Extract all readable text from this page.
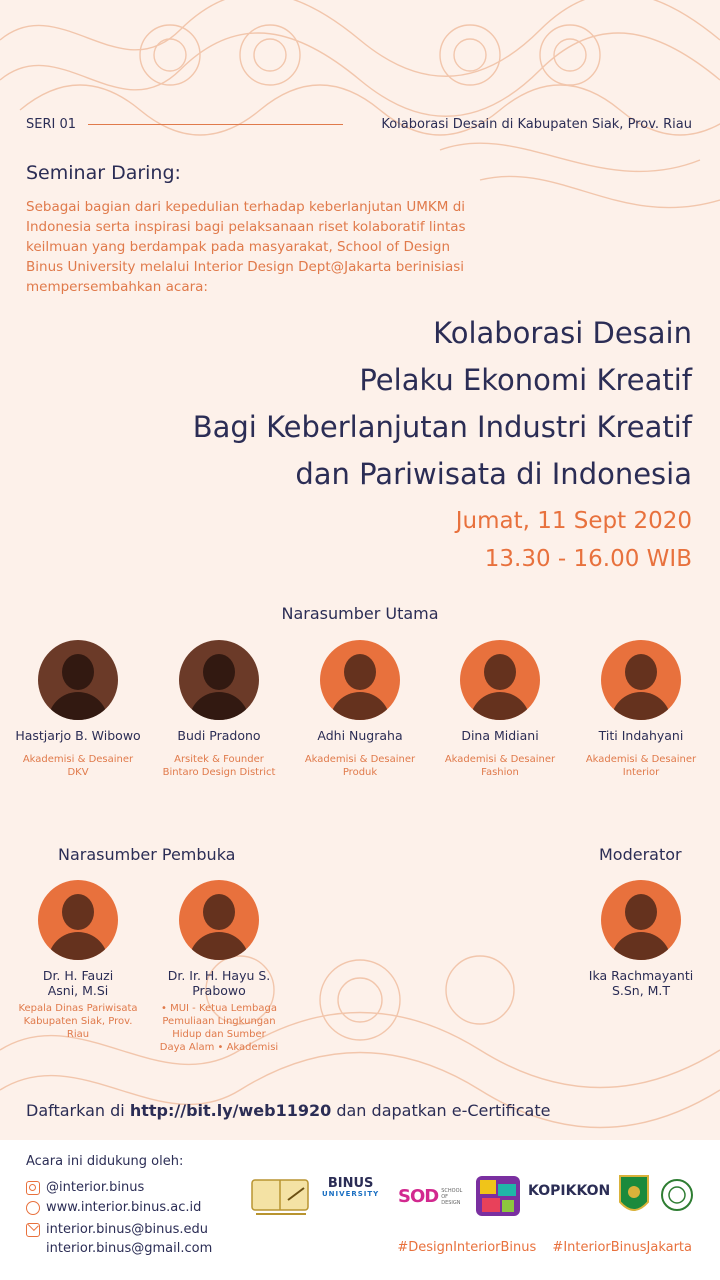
SERI 01	Kolaborasi Desain di Kabupaten Siak, Prov. Riau
Seminar Daring:
Sebagai bagian dari kepedulian terhadap keberlanjutan UMKM di Indonesia serta inspirasi bagi pelaksanaan riset kolaboratif lintas keilmuan yang berdampak pada masyarakat, School of Design Binus University melalui Interior Design Dept@Jakarta berinisiasi mempersembahkan acara:
Kolaborasi Desain
Pelaku Ekonomi Kreatif
Bagi Keberlanjutan Industri Kreatif
dan Pariwisata di Indonesia
Jumat, 11 Sept 2020
13.30 - 16.00 WIB
Narasumber Utama
Hastjarjo B. Wibowo
Akademisi & Desainer DKV
Budi Pradono
Arsitek & Founder Bintaro Design District
Adhi Nugraha
Akademisi & Desainer Produk
Dina Midiani
Akademisi & Desainer Fashion
Titi Indahyani
Akademisi & Desainer Interior
Narasumber Pembuka	Moderator
Dr. H. Fauzi Asni, M.Si
Kepala Dinas Pariwisata Kabupaten Siak, Prov. Riau
Dr. Ir. H. Hayu S. Prabowo
• MUI - Ketua Lembaga Pemuliaan Lingkungan Hidup dan Sumber Daya Alam • Akademisi
Ika Rachmayanti S.Sn, M.T
Daftarkan di http://bit.ly/web11920 dan dapatkan e-Certificate
Acara ini didukung oleh:
@interior.binus
www.interior.binus.ac.id
interior.binus@binus.edu
interior.binus@gmail.com
BINUS
UNIVERSITY SOD SCHOOL OF DESIGN
KOPIKKON
#DesignInteriorBinus #InteriorBinusJakarta
